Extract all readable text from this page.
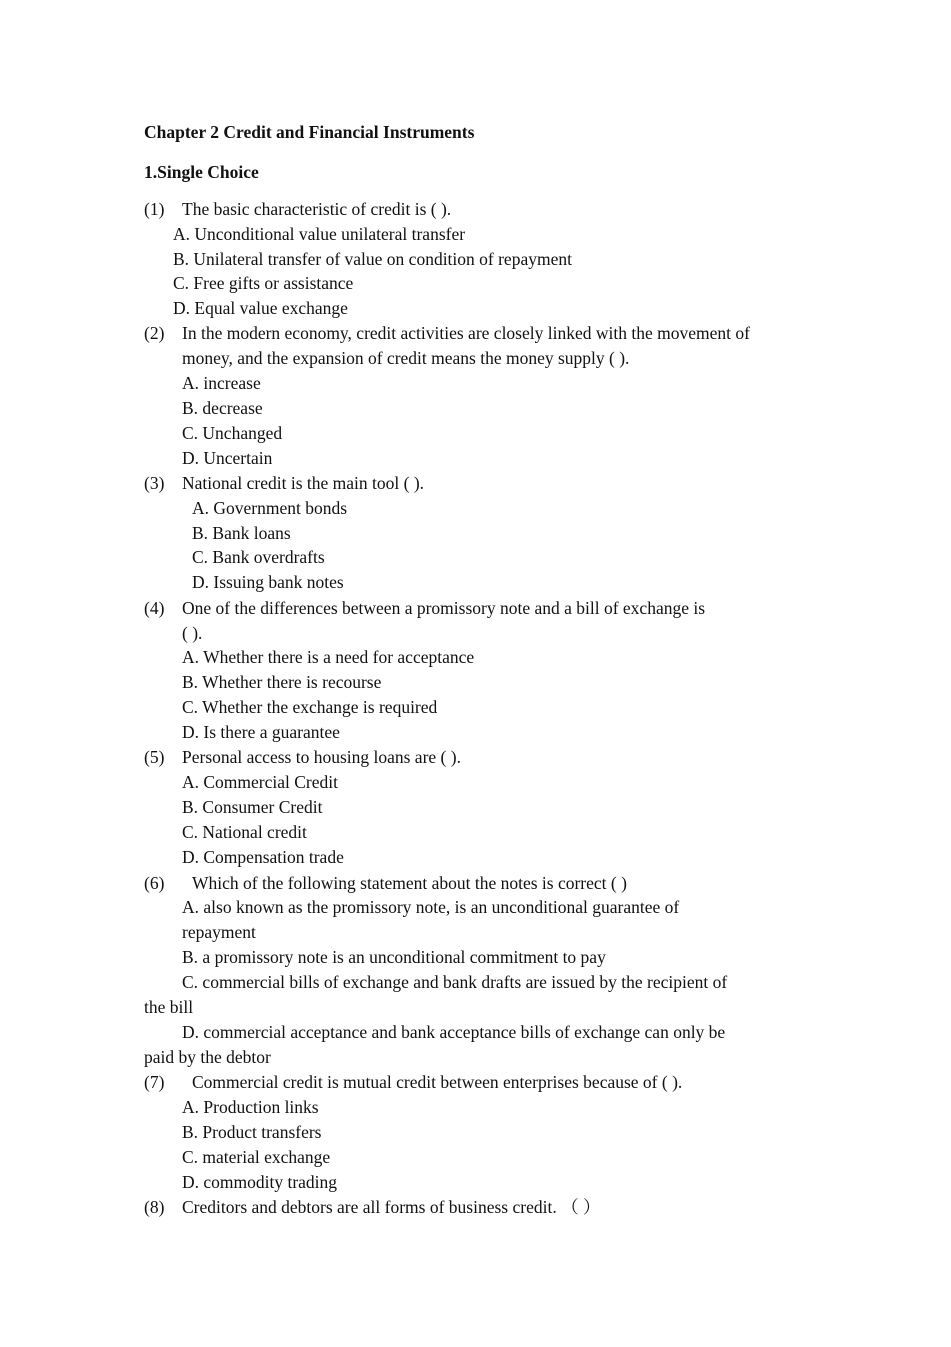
Chapter 2 Credit and Financial Instruments
1.Single Choice
(1) The basic characteristic of credit is ( ).
A. Unconditional value unilateral transfer
B. Unilateral transfer of value on condition of repayment
C. Free gifts or assistance
D. Equal value exchange
(2) In the modern economy, credit activities are closely linked with the movement of
money, and the expansion of credit means the money supply ( ).
A. increase
B. decrease
C. Unchanged
D. Uncertain
(3) National credit is the main tool ( ).
A. Government bonds
B. Bank loans
C. Bank overdrafts
D. Issuing bank notes
(4) One of the differences between a promissory note and a bill of exchange is
( ).
A. Whether there is a need for acceptance
B. Whether there is recourse
C. Whether the exchange is required
D. Is there a guarantee
(5) Personal access to housing loans are ( ).
A. Commercial Credit
B. Consumer Credit
C. National credit
D. Compensation trade
(6) Which of the following statement about the notes is correct ( )
A. also known as the promissory note, is an unconditional guarantee of
repayment
B. a promissory note is an unconditional commitment to pay
C. commercial bills of exchange and bank drafts are issued by the recipient of
the bill
D. commercial acceptance and bank acceptance bills of exchange can only be
paid by the debtor
(7) Commercial credit is mutual credit between enterprises because of ( ).
A. Production links
B. Product transfers
C. material exchange
D. commodity trading
(8) Creditors and debtors are all forms of business credit. （ ）
